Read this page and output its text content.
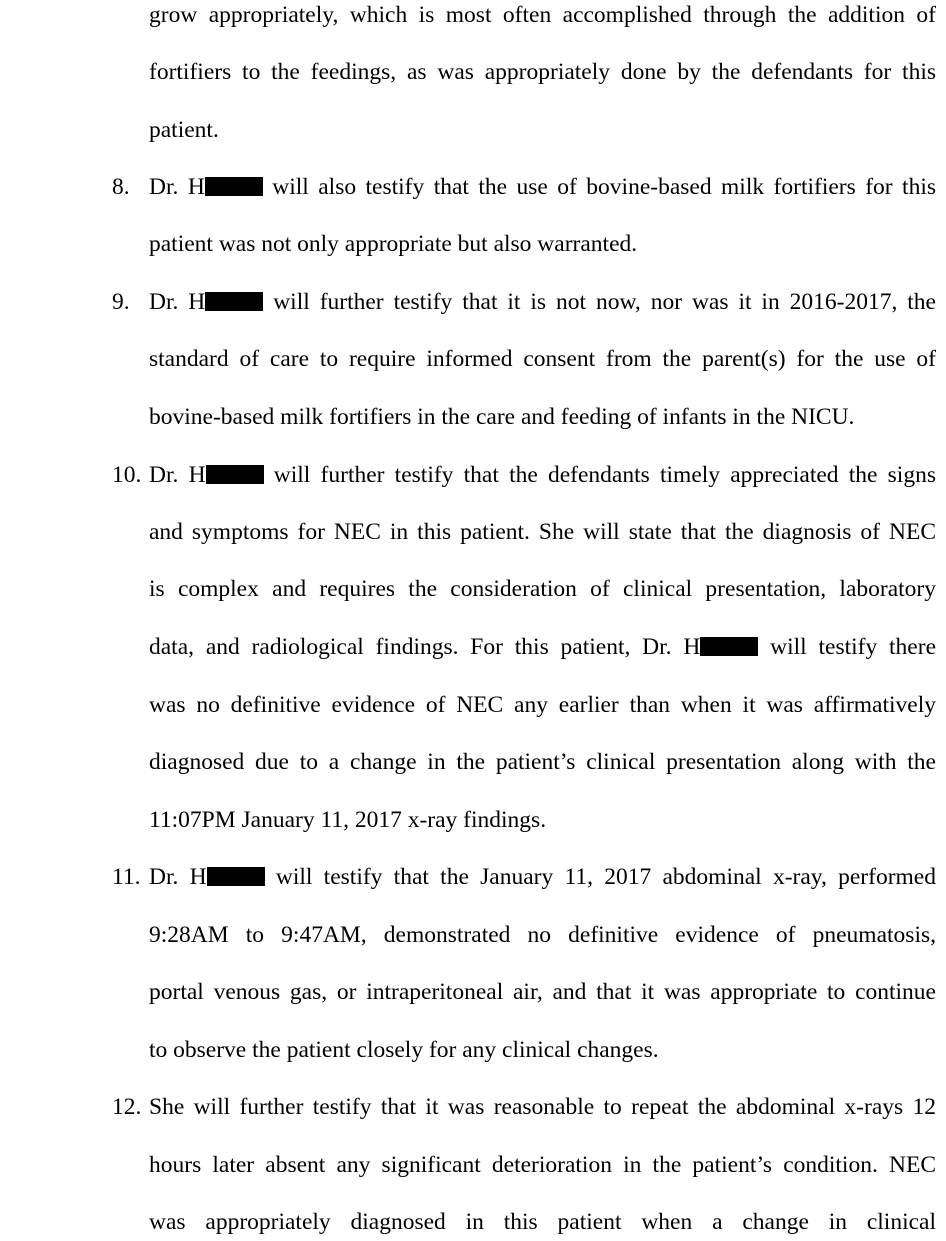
grow appropriately, which is most often accomplished through the addition of
fortifiers to the feedings, as was appropriately done by the defendants for this
patient.
8. Dr. H will also testify that the use of bovine-based milk fortifiers for this
patient was not only appropriate but also warranted.
9. Dr. H will further testify that it is not now, nor was it in 2016-2017, the
standard of care to require informed consent from the parent(s) for the use of
bovine-based milk fortifiers in the care and feeding of infants in the NICU.
10. Dr. H will further testify that the defendants timely appreciated the signs
and symptoms for NEC in this patient. She will state that the diagnosis of NEC
is complex and requires the consideration of clinical presentation, laboratory
data, and radiological findings. For this patient, Dr. H will testify there
was no definitive evidence of NEC any earlier than when it was affirmatively
diagnosed due to a change in the patient’s clinical presentation along with the
11:07PM January 11, 2017 x-ray findings.
11. Dr. H will testify that the January 11, 2017 abdominal x-ray, performed
9:28AM to 9:47AM, demonstrated no definitive evidence of pneumatosis,
portal venous gas, or intraperitoneal air, and that it was appropriate to continue
to observe the patient closely for any clinical changes.
12. She will further testify that it was reasonable to repeat the abdominal x-rays 12
hours later absent any significant deterioration in the patient’s condition. NEC
was appropriately diagnosed in this patient when a change in clinical
